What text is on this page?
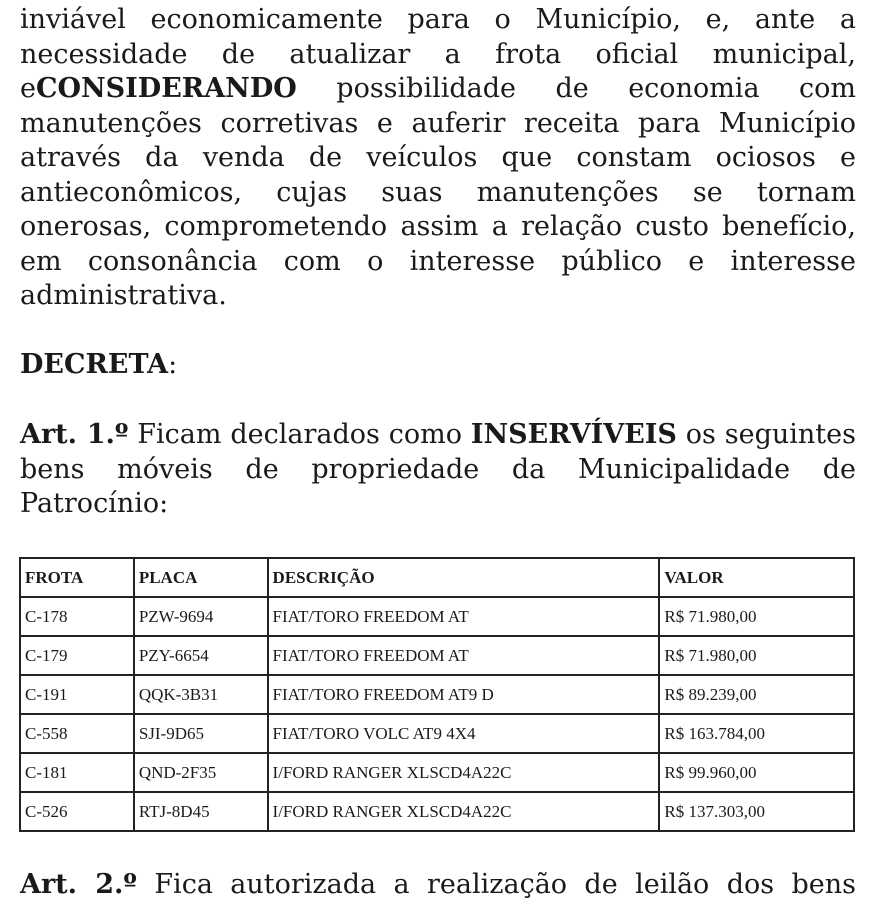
inviável economicamente para o Município, e, ante a
necessidade de atualizar a frota oficial municipal,
eCONSIDERANDO possibilidade de economia com
manutenções corretivas e auferir receita para Município
através da venda de veículos que constam ociosos e
antieconômicos, cujas suas manutenções se tornam
onerosas, comprometendo assim a relação custo benefício,
em consonância com o interesse público e interesse
administrativa.
DECRETA:
Art. 1.º Ficam declarados como INSERVÍVEIS os seguintes
bens móveis de propriedade da Municipalidade de
Patrocínio:
FROTA	PLACA	DESCRIÇÃO	VALOR
C-178	PZW-9694	FIAT/TORO FREEDOM AT	R$ 71.980,00
C-179	PZY-6654	FIAT/TORO FREEDOM AT	R$ 71.980,00
C-191	QQK-3B31	FIAT/TORO FREEDOM AT9 D	R$ 89.239,00
C-558	SJI-9D65	FIAT/TORO VOLC AT9 4X4	R$ 163.784,00
C-181	QND-2F35	I/FORD RANGER XLSCD4A22C	R$ 99.960,00
C-526	RTJ-8D45	I/FORD RANGER XLSCD4A22C	R$ 137.303,00
Art. 2.º Fica autorizada a realização de leilão dos bens
